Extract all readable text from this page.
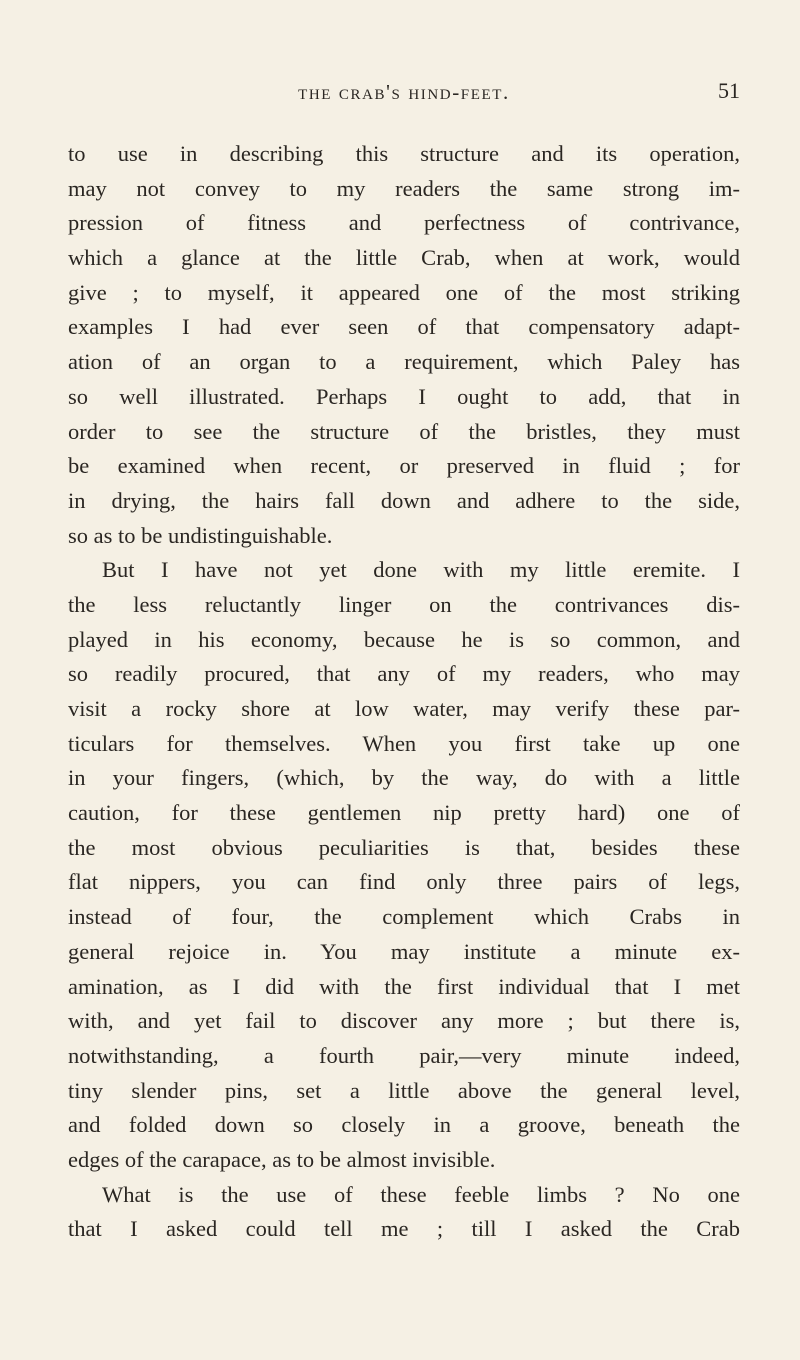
the crab's hind-feet.	51
to use in describing this structure and its operation,
may not convey to my readers the same strong im-
pression of fitness and perfectness of contrivance,
which a glance at the little Crab, when at work, would
give ; to myself, it appeared one of the most striking
examples I had ever seen of that compensatory adapt-
ation of an organ to a requirement, which Paley has
so well illustrated. Perhaps I ought to add, that in
order to see the structure of the bristles, they must
be examined when recent, or preserved in fluid ; for
in drying, the hairs fall down and adhere to the side,
so as to be undistinguishable.
But I have not yet done with my little eremite. I
the less reluctantly linger on the contrivances dis-
played in his economy, because he is so common, and
so readily procured, that any of my readers, who may
visit a rocky shore at low water, may verify these par-
ticulars for themselves. When you first take up one
in your fingers, (which, by the way, do with a little
caution, for these gentlemen nip pretty hard) one of
the most obvious peculiarities is that, besides these
flat nippers, you can find only three pairs of legs,
instead of four, the complement which Crabs in
general rejoice in. You may institute a minute ex-
amination, as I did with the first individual that I met
with, and yet fail to discover any more ; but there is,
notwithstanding, a fourth pair,—very minute indeed,
tiny slender pins, set a little above the general level,
and folded down so closely in a groove, beneath the
edges of the carapace, as to be almost invisible.
What is the use of these feeble limbs ? No one
that I asked could tell me ; till I asked the Crab
